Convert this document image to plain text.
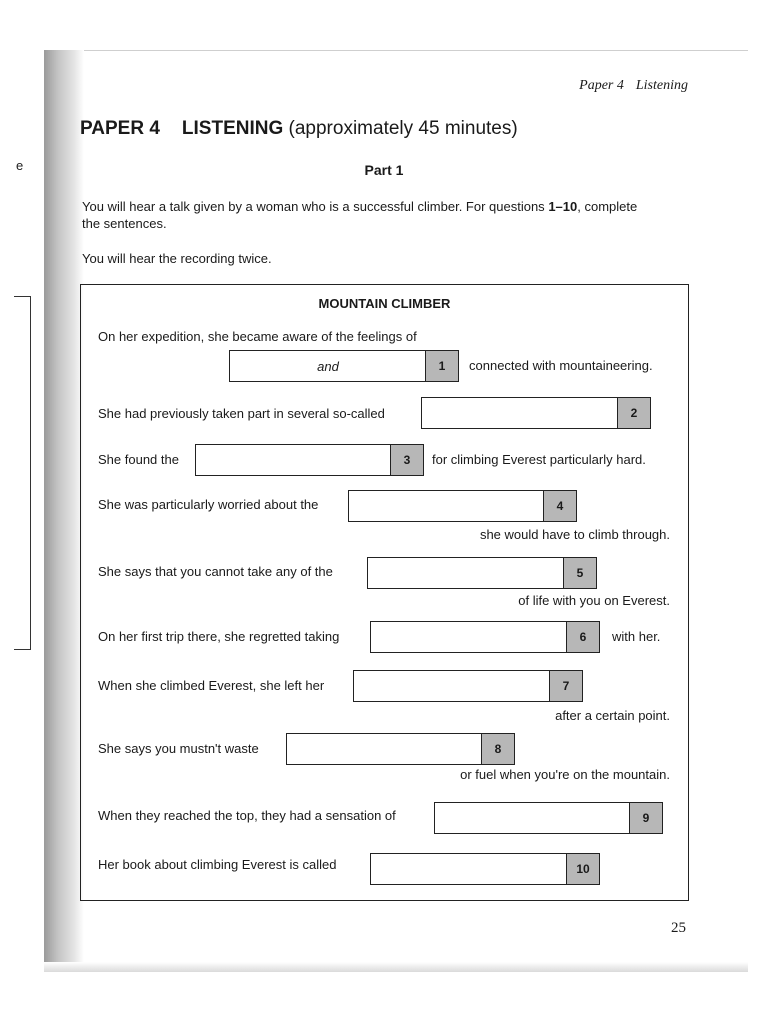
e
Paper 4 Listening
PAPER 4 LISTENING (approximately 45 minutes)
Part 1
You will hear a talk given by a woman who is a successful climber. For questions 1–10, complete
the sentences.
You will hear the recording twice.
MOUNTAIN CLIMBER
On her expedition, she became aware of the feelings of
and	1	connected with mountaineering.
She had previously taken part in several so-called	2
She found the	3	for climbing Everest particularly hard.
She was particularly worried about the	4
she would have to climb through.
She says that you cannot take any of the	5
of life with you on Everest.
On her first trip there, she regretted taking	6	with her.
When she climbed Everest, she left her	7
after a certain point.
She says you mustn't waste	8
or fuel when you're on the mountain.
When they reached the top, they had a sensation of	9
Her book about climbing Everest is called	10
25
